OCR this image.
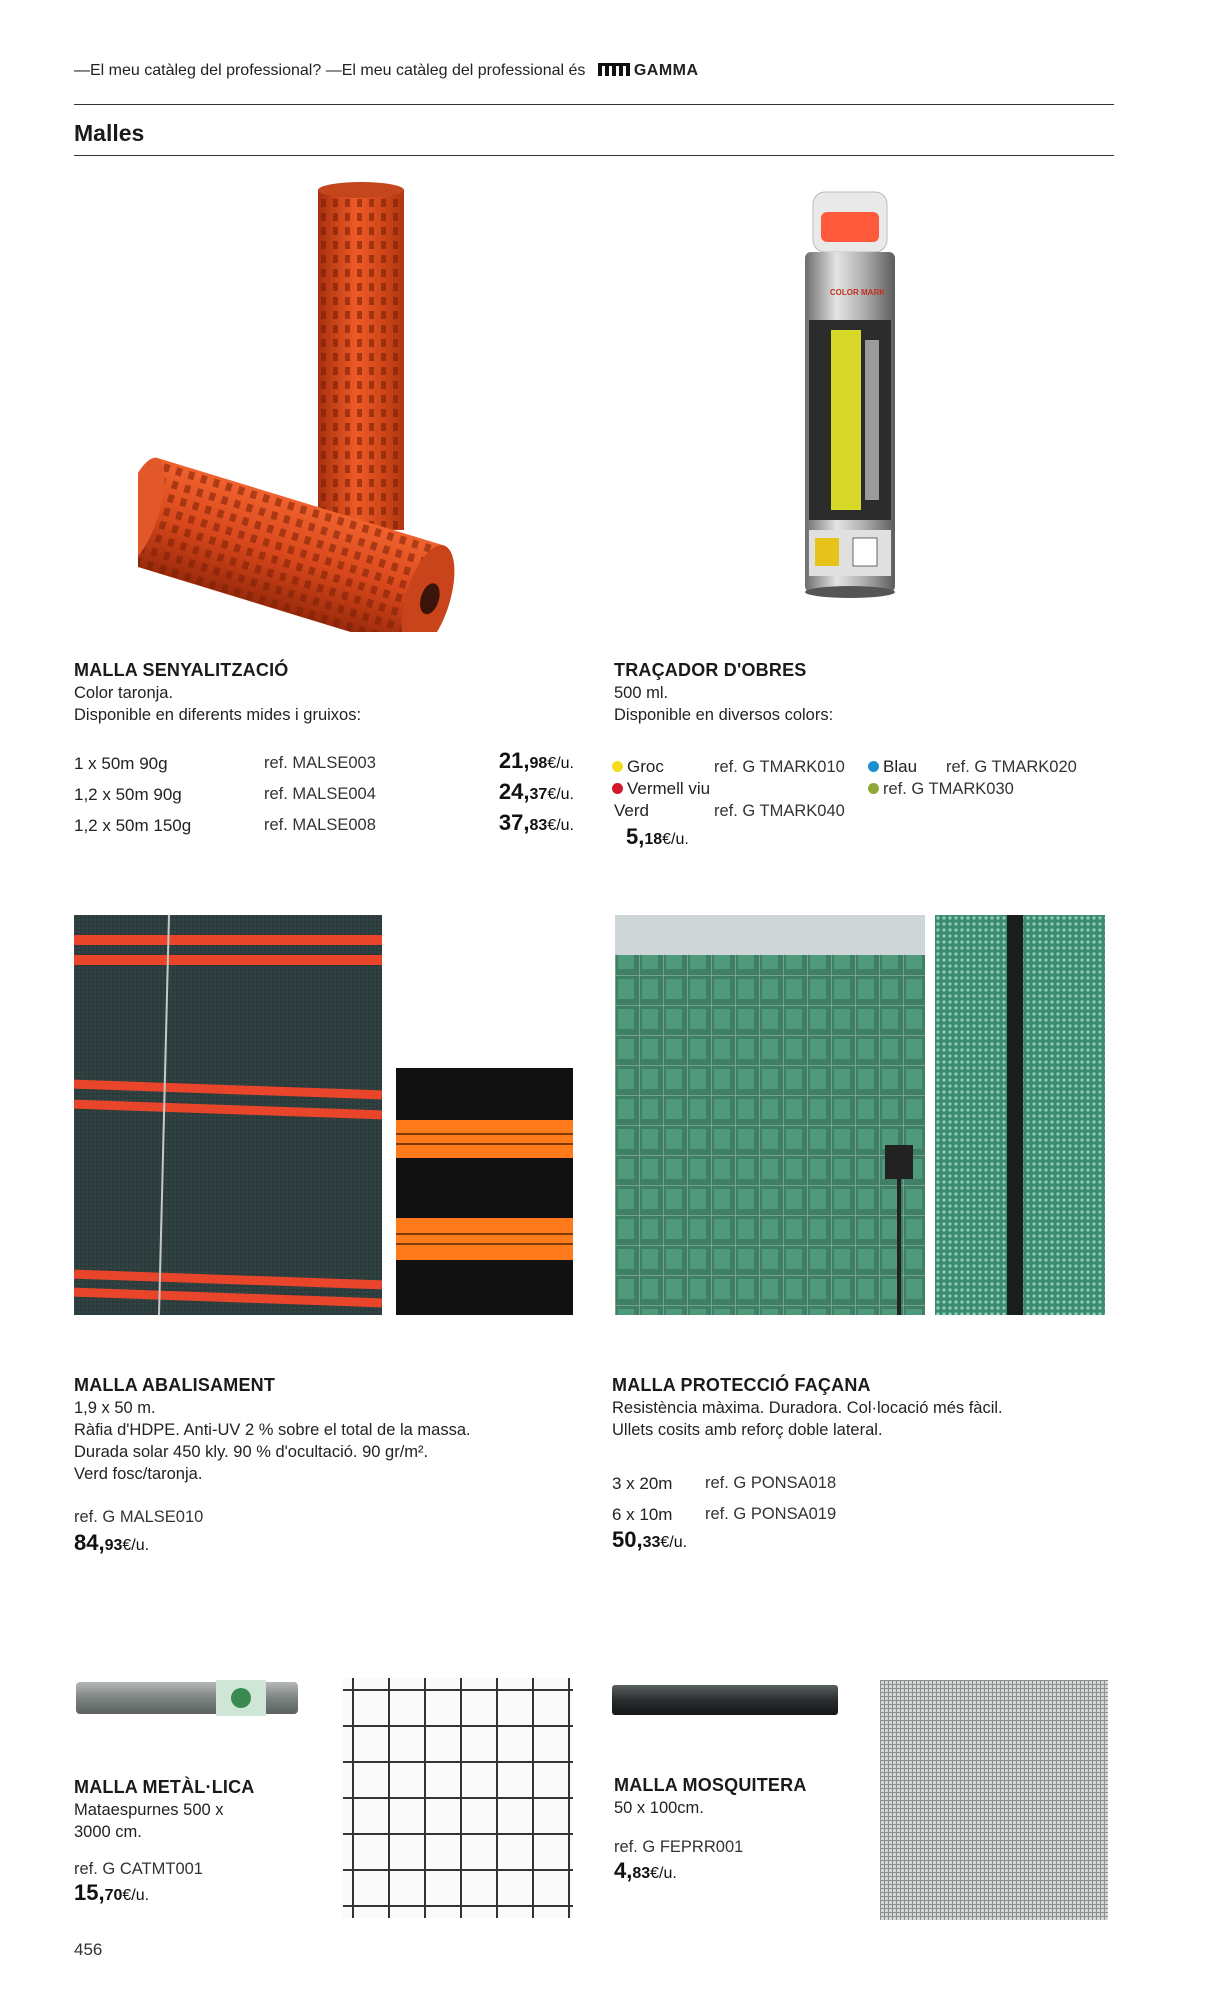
—El meu catàleg del professional? —El meu catàleg del professional és	GAMMA
Malles
COLOR MARK
MALLA SENYALITZACIÓ
Color taronja.
Disponible en diferents mides i gruixos:
1 x 50m 90g	ref. MALSE003	21,98€/u.
1,2 x 50m 90g	ref. MALSE004	24,37€/u.
1,2 x 50m 150g	ref. MALSE008	37,83€/u.
TRAÇADOR D'OBRES
500 ml.
Disponible en diversos colors:
Groc	ref. G TMARK010	Blau ref. G TMARK020
Vermell viu	ref. G TMARK030
Verd	ref. G TMARK040
5,18€/u.
MALLA ABALISAMENT
1,9 x 50 m.
Ràfia d'HDPE. Anti-UV 2 % sobre el total de la massa.
Durada solar 450 kly. 90 % d'ocultació. 90 gr/m².
Verd fosc/taronja.
ref. G MALSE010
84,93€/u.
MALLA PROTECCIÓ FAÇANA
Resistència màxima. Duradora. Col·locació més fàcil.
Ullets cosits amb reforç doble lateral.
3 x 20m ref. G PONSA018
6 x 10m ref. G PONSA019
50,33€/u.
MALLA METÀL·LICA
Mataespurnes 500 x
3000 cm.
ref. G CATMT001
15,70€/u.
MALLA MOSQUITERA
50 x 100cm.
ref. G FEPRR001
4,83€/u.
456
